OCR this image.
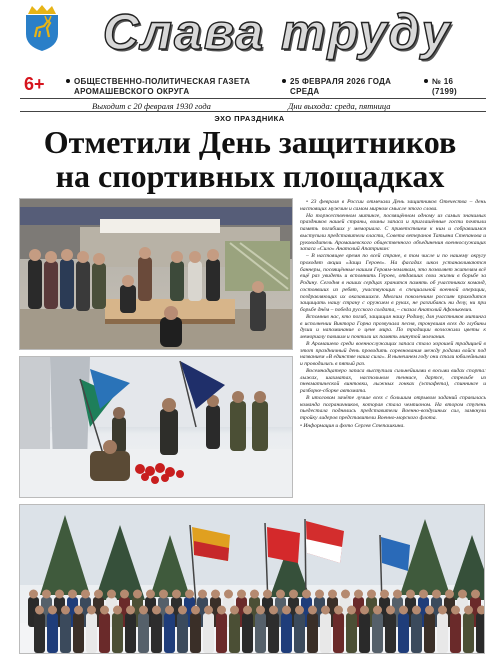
Слава труду
6+	ОБЩЕСТВЕННО-ПОЛИТИЧЕСКАЯ ГАЗЕТА
АРОМАШЕВСКОГО ОКРУГА
25 ФЕВРАЛЯ 2026 ГОДА
СРЕДА
№ 16
(7199)
Выходит с 20 февраля 1930 года	Дни выхода: среда, пятница
ЭХО ПРАЗДНИКА
Отметили День защитников
на спортивных площадках

• 23 февраля в России отмечали День защитников Отечества – день настоящих мужчин и самом мирном смысле этого слова.

На торжественном митинге, посвящённом одному из самых значимых праздников нашей страны, воины запаса и приглашённые гости почтили память погибших у мемориала. С приветствием к ним и собравшимся выступили представители власти, Совета ветеранов Татьяна Степанова и руководитель Аромашевского общественного объединения военнослужащих запаса «Сило» Анатолий Апатрикин:

– В настоящее время по всей стране, в том числе и по нашему округу проходят акции «Защи Героев». На фасадах школ устанавливаются баннеры, посвящённые нашим Героям-землякам, это позволяет жителям всё ещё раз увидеть и вспомнить Героев, отдавших свои жизни в борьбе за Родину. Сегодня в наших сердцах хранится память об участниках команд, состоявших из ребят, участвующих в специальной военной операции, поздравляющих их оказавшихся. Многим поколениям россиян приходится защищать нашу страну с оружием в руках, не разгибаясь ни делу, ни при борьбе днём – победа русского солдата, – сказал Анатолий Афонькевич.

Вспомнив нас, кто погиб, защищая нашу Родину, для участников митинга в исполнении Виктора Горна прозвучала песня, тронувшая всех до глубины души и напоминание о цене мира. По традиции возложили цветы к мемориалу павшим и почтили их память минутой молчания.

В Аромашево среди военнослужащих запаса стало хорошей традицией в этот праздничный день проводить соревнования между родами войск под названием «В единстве наша сила». В нынешнем году они стали юбилейными и проводились в пятый раз.

Восемнадцатеро запаса выступили сильнейшими в восьми видах спорта: лыжах, шахматах, настольном теннисе, дартсе, стрельбе из пневматической винтовки, лыжных гонках (эстафета), спиннинге и разборке-сборке автомата.

В итоговом зачёте лучше всех с большим отрывом заданий справилась команда пограничников, которая стала чемпионом. На втором ступень пьедестала поднялись представители Военно-воздушных сил, замкнули тройку лидеров представители Военно-морского флота.

• Информация и фото Сергея Степашкина.
